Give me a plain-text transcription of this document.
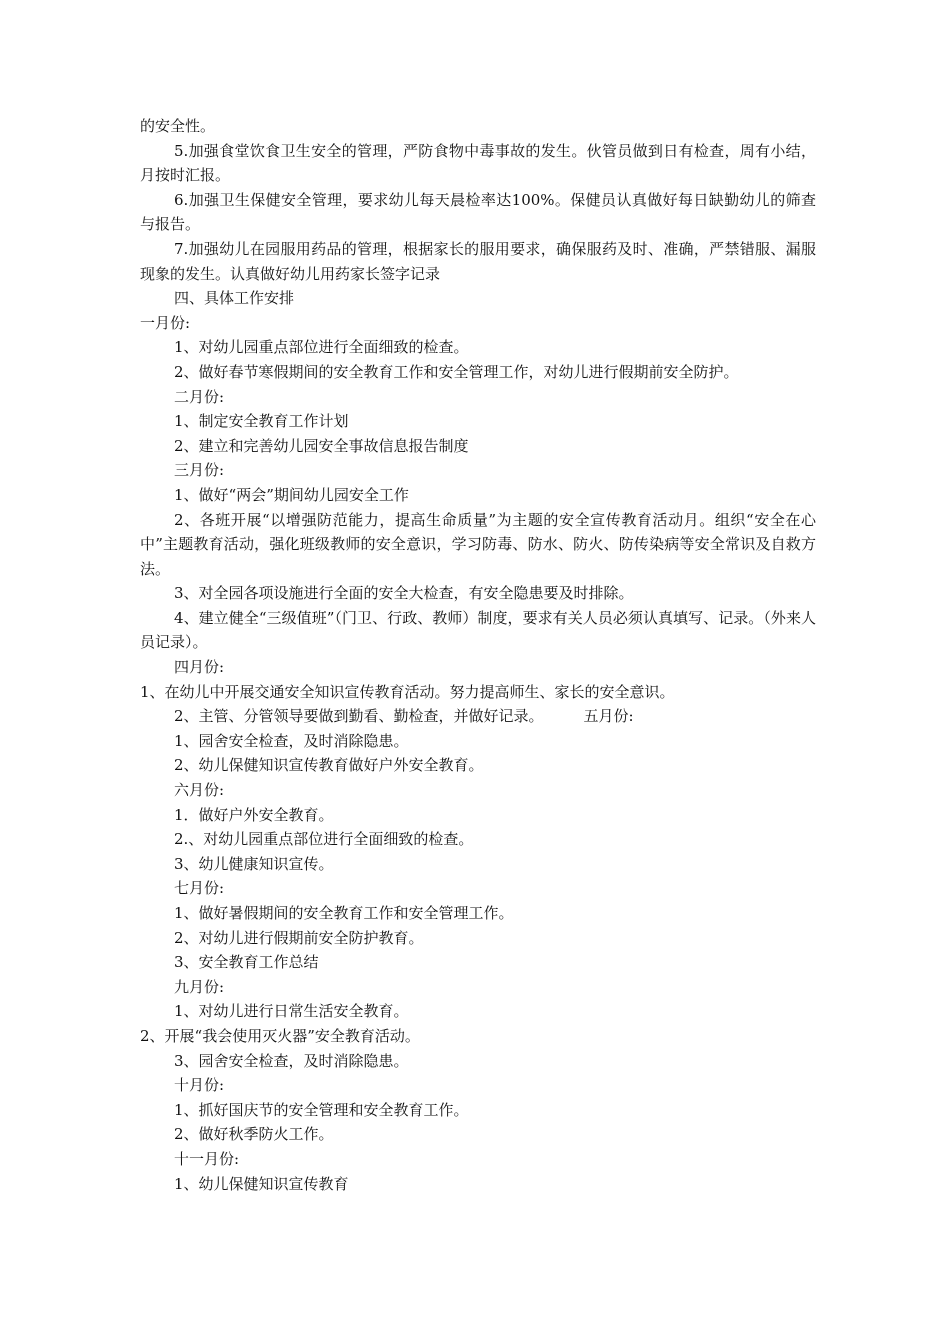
的安全性。

5.加强食堂饮食卫生安全的管理，严防食物中毒事故的发生。伙管员做到日有检查，周有小结，月按时汇报。

6.加强卫生保健安全管理，要求幼儿每天晨检率达100%。保健员认真做好每日缺勤幼儿的筛查与报告。

7.加强幼儿在园服用药品的管理，根据家长的服用要求，确保服药及时、准确，严禁错服、漏服现象的发生。认真做好幼儿用药家长签字记录

四、具体工作安排

一月份:

1、对幼儿园重点部位进行全面细致的检查。

2、做好春节寒假期间的安全教育工作和安全管理工作，对幼儿进行假期前安全防护。

二月份:

1、制定安全教育工作计划

2、建立和完善幼儿园安全事故信息报告制度

三月份:

1、做好“两会”期间幼儿园安全工作

2、各班开展“以增强防范能力，提高生命质量”为主题的安全宣传教育活动月。组织“安全在心中”主题教育活动，强化班级教师的安全意识，学习防毒、防水、防火、防传染病等安全常识及自救方法。

3、对全园各项设施进行全面的安全大检查，有安全隐患要及时排除。

4、建立健全“三级值班”（门卫、行政、教师）制度，要求有关人员必须认真填写、记录。（外来人员记录）。

四月份:

1、在幼儿中开展交通安全知识宣传教育活动。努力提高师生、家长的安全意识。

2、主管、分管领导要做到勤看、勤检查，并做好记录。	五月份:

1、园舍安全检查，及时消除隐患。

2、幼儿保健知识宣传教育做好户外安全教育。

六月份:

1．做好户外安全教育。

2.、对幼儿园重点部位进行全面细致的检查。

3、幼儿健康知识宣传。

七月份:

1、做好暑假期间的安全教育工作和安全管理工作。

2、对幼儿进行假期前安全防护教育。

3、安全教育工作总结

九月份:

1、对幼儿进行日常生活安全教育。

2、开展“我会使用灭火器”安全教育活动。

3、园舍安全检查，及时消除隐患。

十月份:

1、抓好国庆节的安全管理和安全教育工作。

2、做好秋季防火工作。

十一月份:

1、幼儿保健知识宣传教育
